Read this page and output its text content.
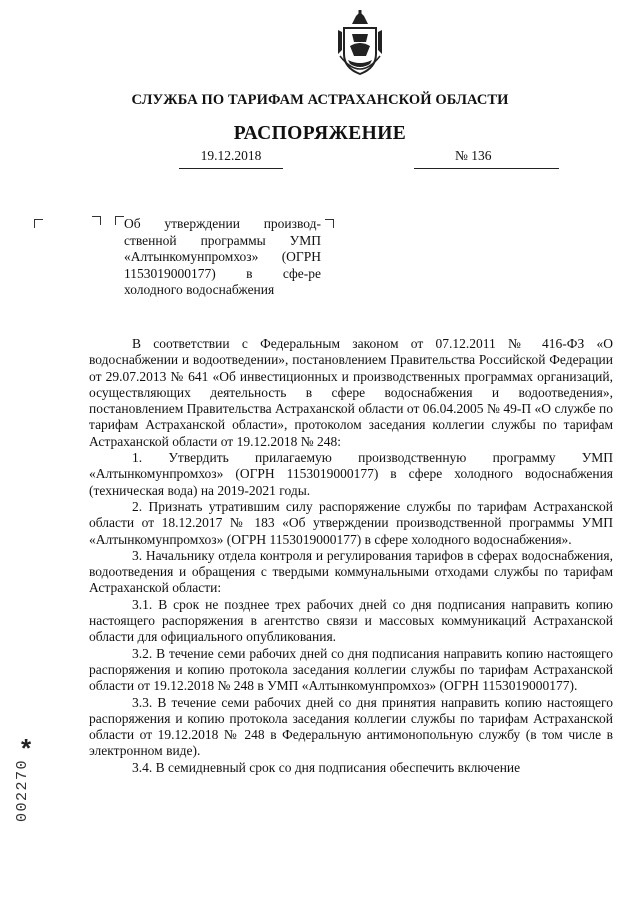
СЛУЖБА ПО ТАРИФАМ АСТРАХАНСКОЙ ОБЛАСТИ
РАСПОРЯЖЕНИЕ
19.12.2018	№ 136
Об утверждении производ-ственной программы УМП «Алтынкомунпромхоз» (ОГРН 1153019000177) в сфе-ре холодного водоснабжения

В соответствии с Федеральным законом от 07.12.2011 № 416-ФЗ «О водоснабжении и водоотведении», постановлением Правительства Российской Федерации от 29.07.2013 № 641 «Об инвестиционных и производственных программах организаций, осуществляющих деятельность в сфере водоснабжения и водоотведения», постановлением Правительства Астраханской области от 06.04.2005 № 49-П «О службе по тарифам Астраханской области», протоколом заседания коллегии службы по тарифам Астраханской области от 19.12.2018 № 248:

1. Утвердить прилагаемую производственную программу УМП «Алтынкомунпромхоз» (ОГРН 1153019000177) в сфере холодного водоснабжения (техническая вода) на 2019-2021 годы.

2. Признать утратившим силу распоряжение службы по тарифам Астраханской области от 18.12.2017 № 183 «Об утверждении производственной программы УМП «Алтынкомунпромхоз» (ОГРН 1153019000177) в сфере холодного водоснабжения».

3. Начальнику отдела контроля и регулирования тарифов в сферах водоснабжения, водоотведения и обращения с твердыми коммунальными отходами службы по тарифам Астраханской области:

3.1. В срок не позднее трех рабочих дней со дня подписания направить копию настоящего распоряжения в агентство связи и массовых коммуникаций Астраханской области для официального опубликования.

3.2. В течение семи рабочих дней со дня подписания направить копию настоящего распоряжения и копию протокола заседания коллегии службы по тарифам Астраханской области от 19.12.2018 № 248 в УМП «Алтынкомунпромхоз» (ОГРН 1153019000177).

3.3. В течение семи рабочих дней со дня принятия направить копию настоящего распоряжения и копию протокола заседания коллегии службы по тарифам Астраханской области от 19.12.2018 № 248 в Федеральную антимонопольную службу (в том числе в электронном виде).

3.4. В семидневный срок со дня подписания обеспечить включение

*
002270
